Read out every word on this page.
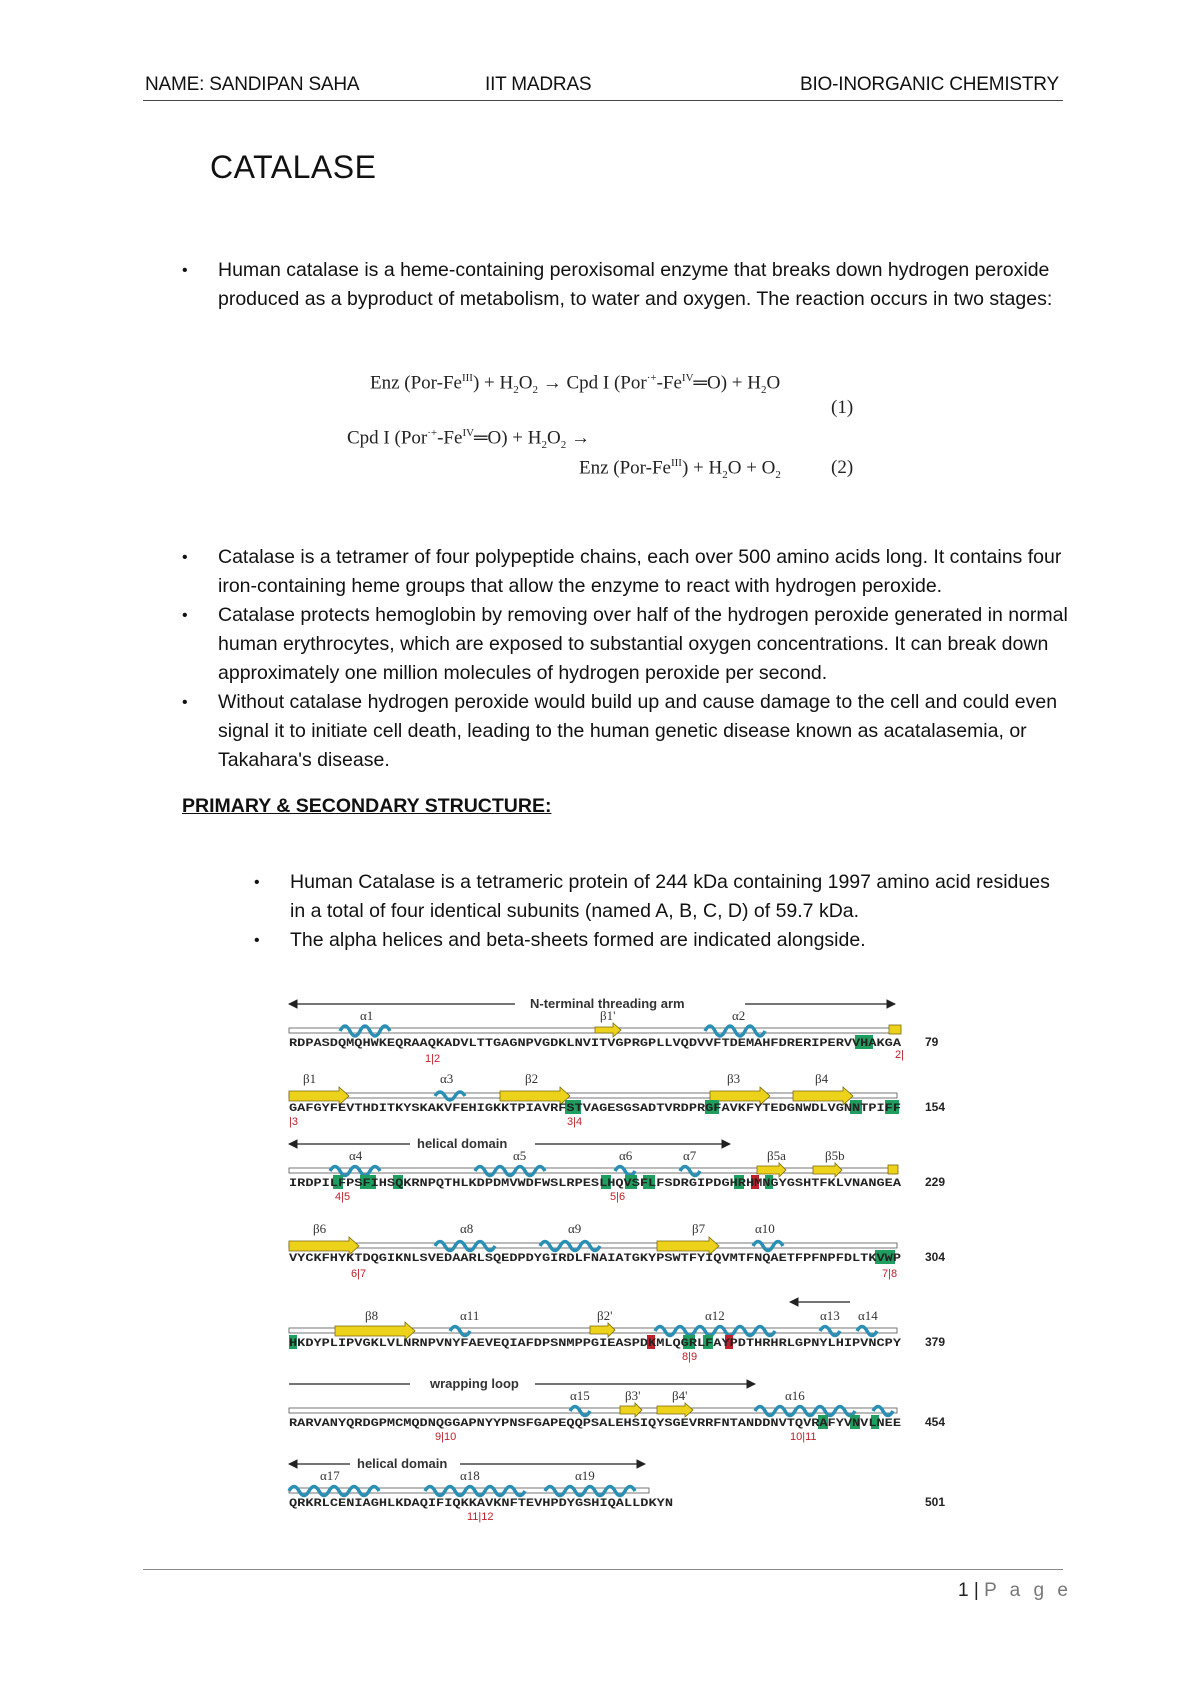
NAME: SANDIPAN SAHA	IIT MADRAS	BIO-INORGANIC CHEMISTRY
CATALASE
• Human catalase is a heme-containing peroxisomal enzyme that breaks down hydrogen peroxide produced as a byproduct of metabolism, to water and oxygen. The reaction occurs in two stages:
Enz $(Por-Fe^{III}) + H_2O_2$ → Cpd I $(Por^{\cdot+}-Fe^{IV}═O) + H_2O$
(1)
Cpd I $(Por^{\cdot+}-Fe^{IV}═O) + H_2O_2$ →
Enz $(Por-Fe^{III}) + H_2O + O_2$	(2)
• Catalase is a tetramer of four polypeptide chains, each over 500 amino acids long. It contains four iron-containing heme groups that allow the enzyme to react with hydrogen peroxide.
• Catalase protects hemoglobin by removing over half of the hydrogen peroxide generated in normal human erythrocytes, which are exposed to substantial oxygen concentrations. It can break down approximately one million molecules of hydrogen peroxide per second.
• Without catalase hydrogen peroxide would build up and cause damage to the cell and could even signal it to initiate cell death, leading to the human genetic disease known as acatalasemia, or Takahara's disease.
PRIMARY & SECONDARY STRUCTURE:
• Human Catalase is a tetrameric protein of 244 kDa containing 1997 amino acid residues in a total of four identical subunits (named A, B, C, D) of 59.7 kDa.
• The alpha helices and beta-sheets formed are indicated alongside.
N-terminal threading arm
α1	β1'	α2
RDPASDQMQHWKEQRAAQKADVLTTGAGNPVGDKLNVITVGPRGPLLVQDVVFTDEMAHFDRERIPERVVHAKGA 79
1|2	2|
β1	α3	β2	β3	β4
GAFGYFEVTHDITKYSKAKVFEHIGKKTPIAVRFSTVAGESGSADTVRDPRGFAVKFYTEDGNWDLVGNNTPIFF 154
|3	3|4
helical domain
α4	α5	α6	α7	β5a	β5b
IRDPILFPSFIHSQKRNPQTHLKDPDMVWDFWSLRPESLHQVSFLFSDRGIPDGHRHMNGYGSHTFKLVNANGEA 229
4|5	5|6
β6	α8	α9	β7	α10
VYCKFHYKTDQGIKNLSVEDAARLSQEDPDYGIRDLFNAIATGKYPSWTFYIQVMTFNQAETFPFNPFDLTKVWP 304
6|7	7|8
β8	α11	β2'	α12	α13 α14
HKDYPLIPVGKLVLNRNPVNYFAEVEQIAFDPSNMPPGIEASPDKMLQGRLFAYPDTHRHRLGPNYLHIPVNCPY 379
8|9
wrapping loop
α15	β3' β4'	α16
RARVANYQRDGPMCMQDNQGGAPNYYPNSFGAPEQQPSALEHSIQYSGEVRRFNTANDDNVTQVRAFYVNVLNEE 454
9|10	10|11
helical domain
α17	α18	α19
QRKRLCENIAGHLKDAQIFIQKKAVKNFTEVHPDYGSHIQALLDKYN	501
11|12
1 | P a g e
